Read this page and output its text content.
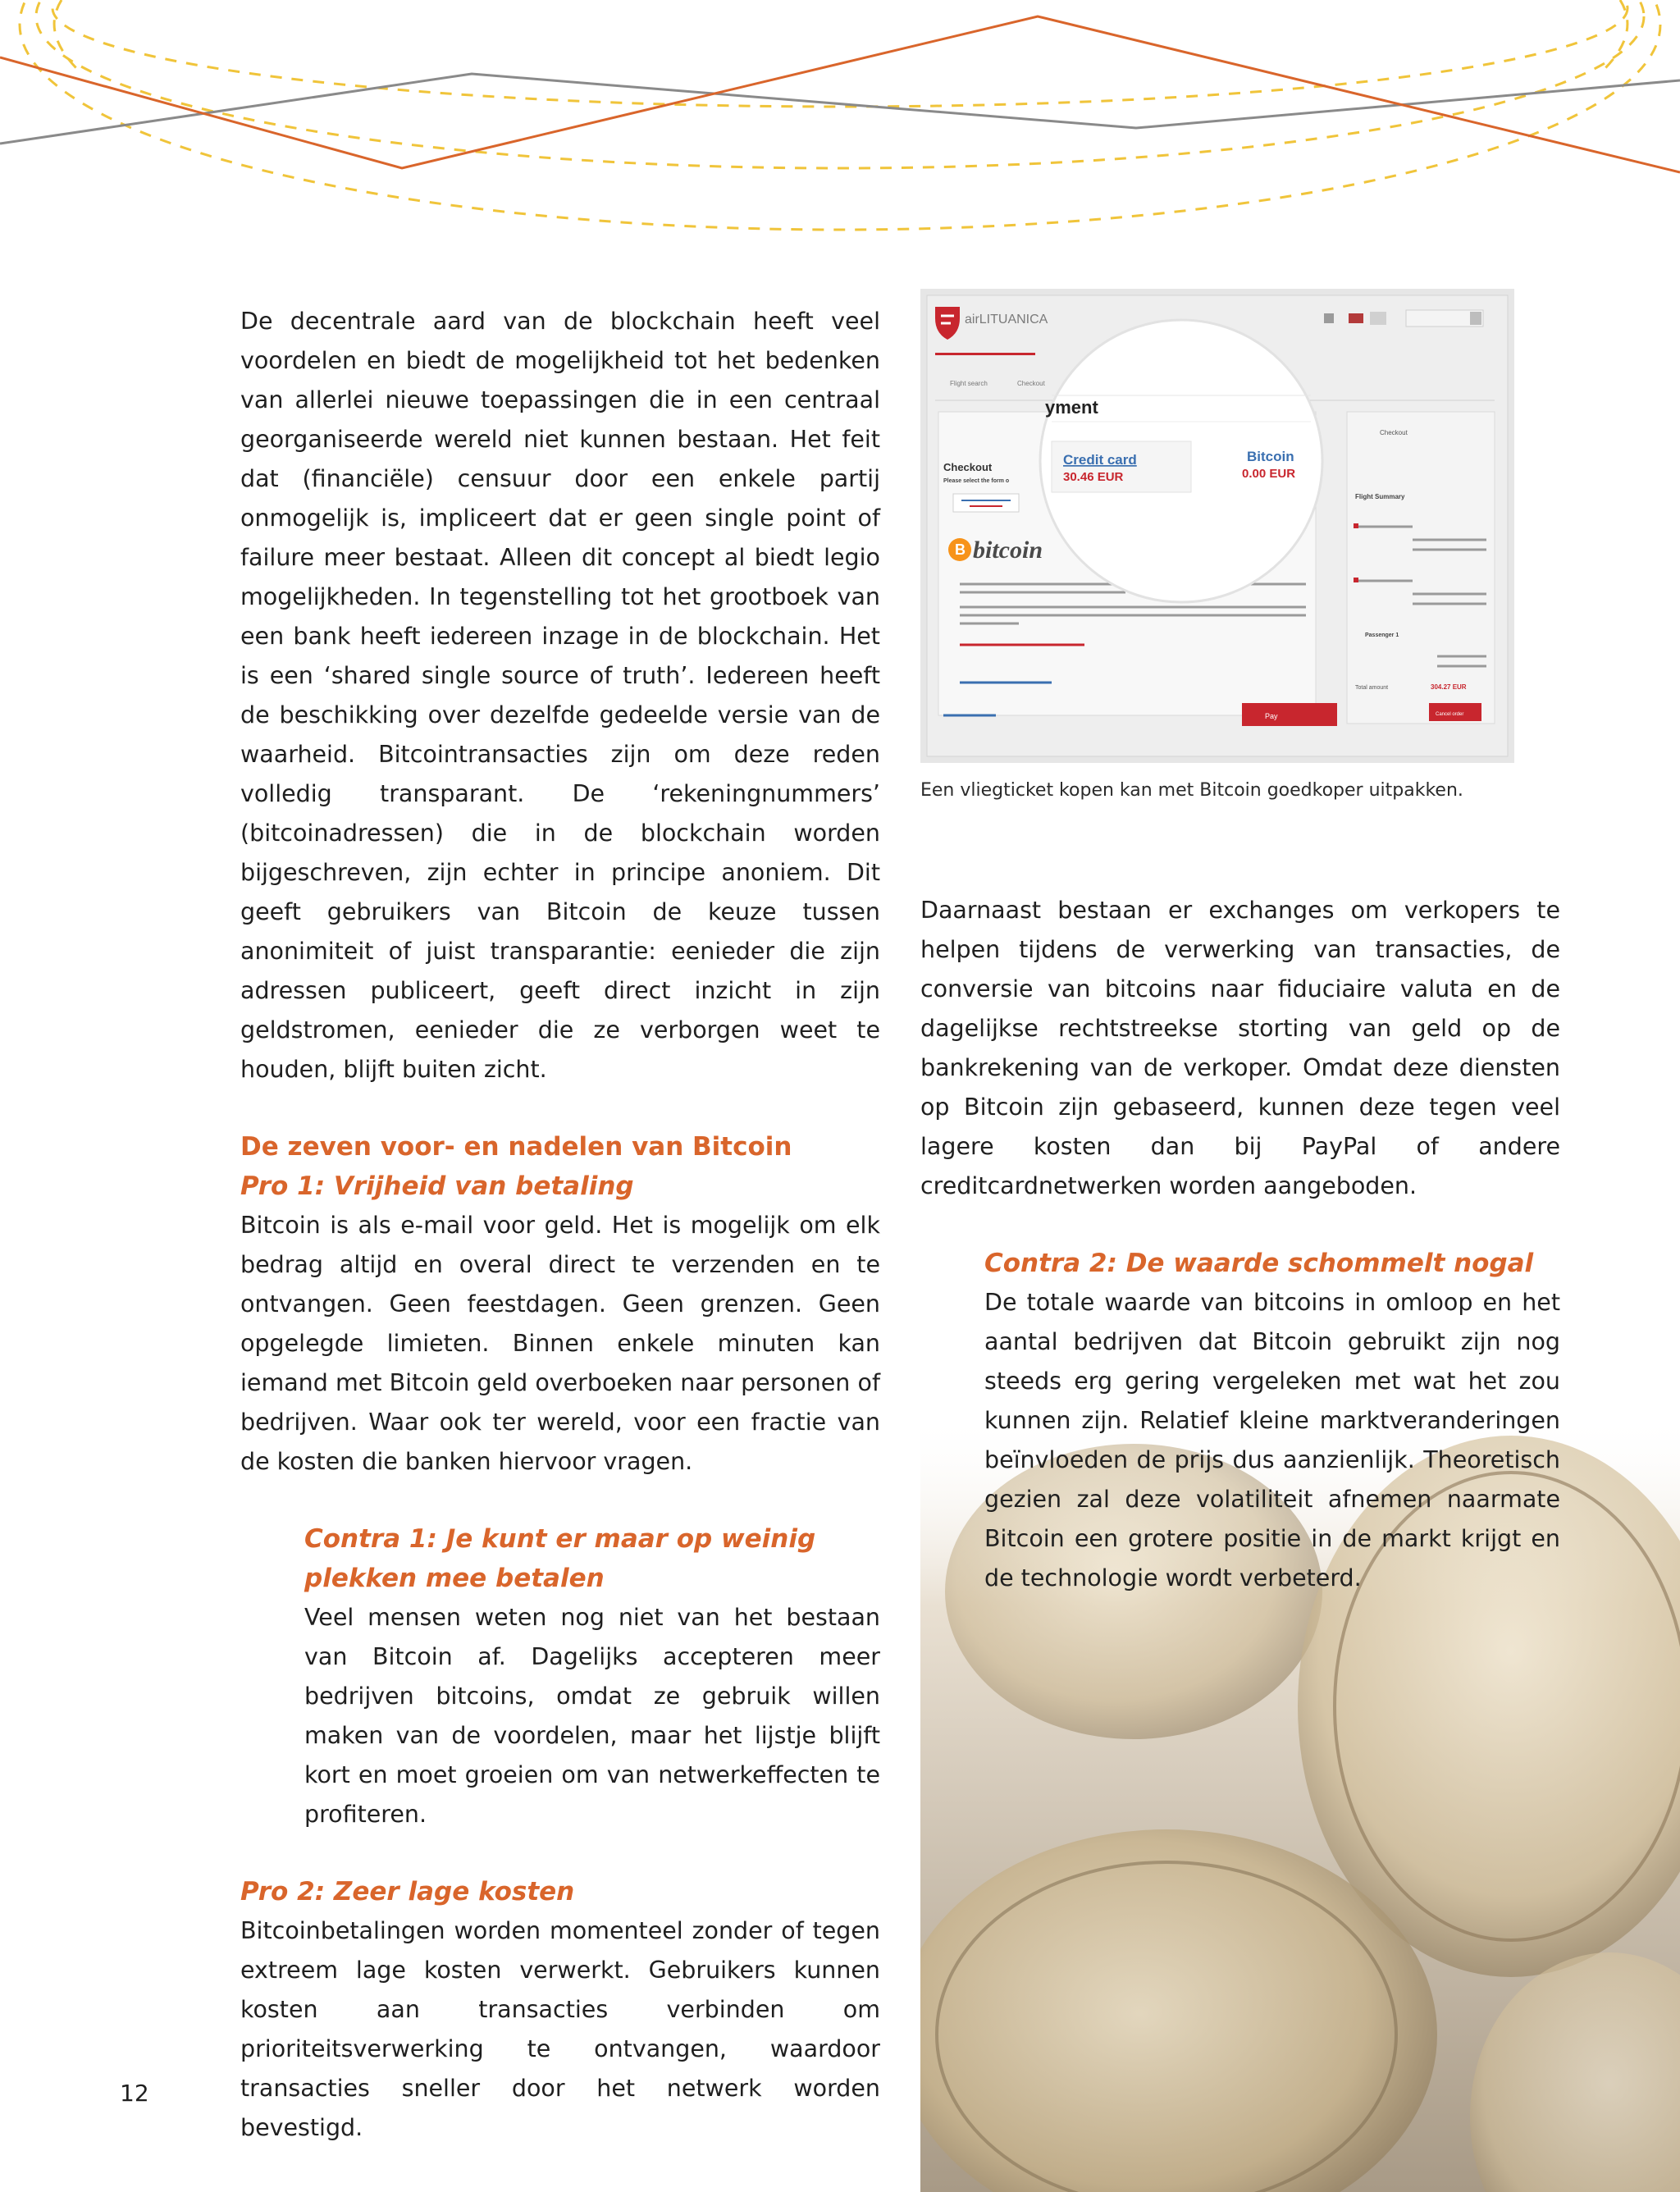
De decentrale aard van de blockchain heeft veel voordelen en biedt de mogelijkheid tot het bedenken van allerlei nieuwe toepassingen die in een centraal georganiseerde wereld niet kunnen bestaan. Het feit dat (financiële) censuur door een enkele partij onmogelijk is, impliceert dat er geen single point of failure meer bestaat. Alleen dit concept al biedt legio mogelijkheden. In tegenstelling tot het grootboek van een bank heeft iedereen inzage in de blockchain. Het is een ‘shared single source of truth’. Iedereen heeft de beschikking over dezelfde gedeelde versie van de waarheid. Bitcointransacties zijn om deze reden volledig transparant. De ‘rekeningnummers’ (bitcoinadressen) die in de blockchain worden bijgeschreven, zijn echter in principe anoniem. Dit geeft gebruikers van Bitcoin de keuze tussen anonimiteit of juist transparantie: eenieder die zijn adressen publiceert, geeft direct inzicht in zijn geldstromen, eenieder die ze verborgen weet te houden, blijft buiten zicht.

De zeven voor- en nadelen van Bitcoin
Pro 1: Vrijheid van betaling

Bitcoin is als e-mail voor geld. Het is mogelijk om elk bedrag altijd en overal direct te verzenden en te ontvangen. Geen feestdagen. Geen grenzen. Geen opgelegde limieten. Binnen enkele minuten kan iemand met Bitcoin geld overboeken naar personen of bedrijven. Waar ook ter wereld, voor een fractie van de kosten die banken hiervoor vragen.

Contra 1: Je kunt er maar op weinig plekken mee betalen

Veel mensen weten nog niet van het bestaan van Bitcoin af. Dagelijks accepteren meer bedrijven bitcoins, omdat ze gebruik willen maken van de voordelen, maar het lijstje blijft kort en moet groeien om van netwerkeffecten te profiteren.

Pro 2: Zeer lage kosten

Bitcoinbetalingen worden momenteel zonder of tegen extreem lage kosten verwerkt. Gebruikers kunnen kosten aan transacties verbinden om prioriteitsverwerking te ontvangen, waardoor transacties sneller door het netwerk worden bevestigd.

airLITUANICA
Flight search	Checkout
Checkout
Please select the form o
B bitcoin
Pay
Checkout
Flight Summary
Passenger 1
Total amount	304.27 EUR
Cancel order
yment
Credit card
30.46 EUR
Bitcoin
0.00 EUR
Een vliegticket kopen kan met Bitcoin goedkoper uitpakken.

Daarnaast bestaan er exchanges om verkopers te helpen tijdens de verwerking van transacties, de conversie van bitcoins naar fiduciaire valuta en de dagelijkse rechtstreekse storting van geld op de bankrekening van de verkoper. Omdat deze diensten op Bitcoin zijn gebaseerd, kunnen deze tegen veel lagere kosten dan bij PayPal of andere creditcardnetwerken worden aangeboden.

Contra 2: De waarde schommelt nogal

De totale waarde van bitcoins in omloop en het aantal bedrijven dat Bitcoin gebruikt zijn nog steeds erg gering vergeleken met wat het zou kunnen zijn. Relatief kleine marktveranderingen beïnvloeden de prijs dus aanzienlijk. Theoretisch gezien zal deze volatiliteit afnemen naarmate Bitcoin een grotere positie in de markt krijgt en de technologie wordt verbeterd.

12
